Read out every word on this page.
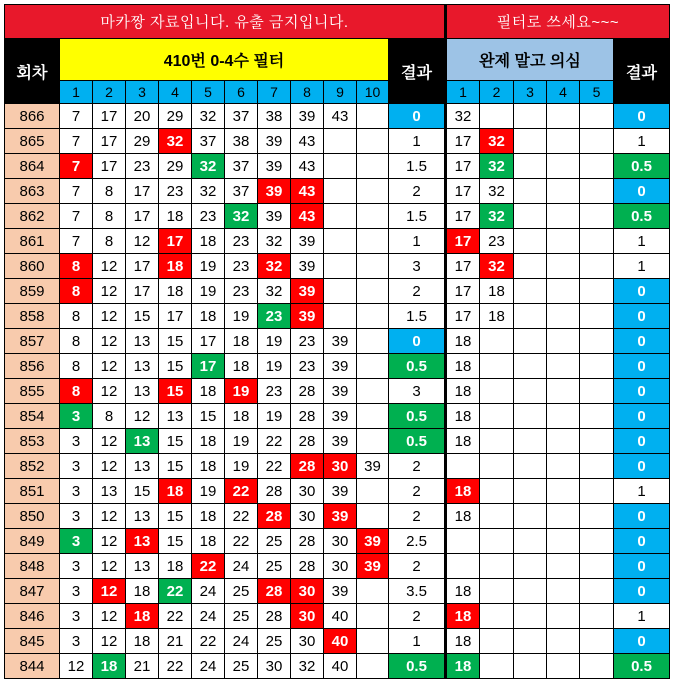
마카짱 자료입니다. 유출 금지입니다.												필터로 쓰세요~~~					
회차	410번 0-4수 필터										결과	완제 말고 의심					결과
	1	2	3	4	5	6	7	8	9	10		1	2	3	4	5	
866	7	17	20	29	32	37	38	39	43		0	32					0
865	7	17	29	32	37	38	39	43			1	17	32				1
864	7	17	23	29	32	37	39	43			1.5	17	32				0.5
863	7	8	17	23	32	37	39	43			2	17	32				0
862	7	8	17	18	23	32	39	43			1.5	17	32				0.5
861	7	8	12	17	18	23	32	39			1	17	23				1
860	8	12	17	18	19	23	32	39			3	17	32				1
859	8	12	17	18	19	23	32	39			2	17	18				0
858	8	12	15	17	18	19	23	39			1.5	17	18				0
857	8	12	13	15	17	18	19	23	39		0	18					0
856	8	12	13	15	17	18	19	23	39		0.5	18					0
855	8	12	13	15	18	19	23	28	39		3	18					0
854	3	8	12	13	15	18	19	28	39		0.5	18					0
853	3	12	13	15	18	19	22	28	39		0.5	18					0
852	3	12	13	15	18	19	22	28	30	39	2						0
851	3	13	15	18	19	22	28	30	39		2	18					1
850	3	12	13	15	18	22	28	30	39		2	18					0
849	3	12	13	15	18	22	25	28	30	39	2.5						0
848	3	12	13	18	22	24	25	28	30	39	2						0
847	3	12	18	22	24	25	28	30	39		3.5	18					0
846	3	12	18	22	24	25	28	30	40		2	18					1
845	3	12	18	21	22	24	25	30	40		1	18					0
844	12	18	21	22	24	25	30	32	40		0.5	18					0.5
